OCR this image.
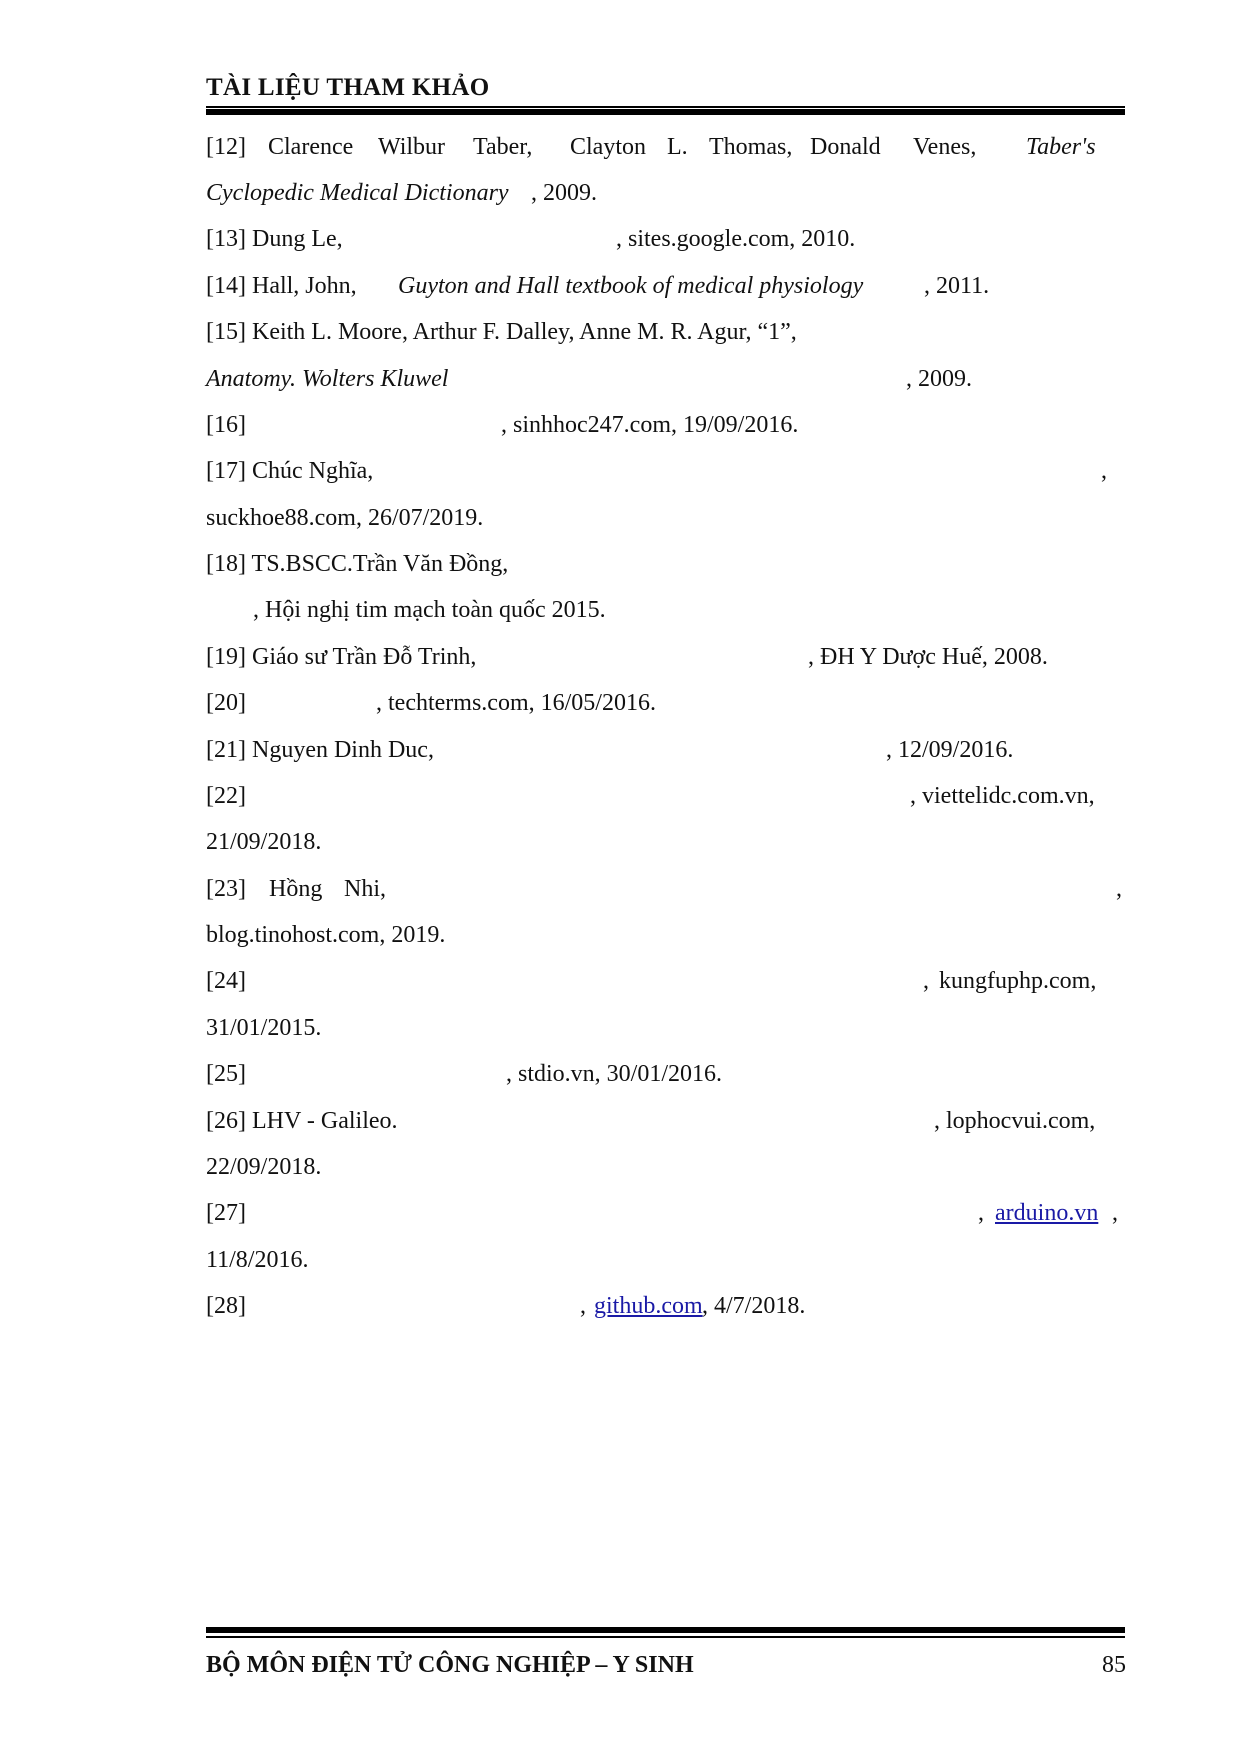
TÀI LIỆU THAM KHẢO

[12]

Clarence

Wilbur

Taber,

Clayton

L.

Thomas,

Donald

Venes,

Taber's

Cyclopedic Medical Dictionary

, 2009.

[13] Dung Le,

	, sites.google.com, 2010.

[14] Hall, John,

Guyton and Hall textbook of medical physiology

	, 2011.

[15] Keith L. Moore, Arthur F. Dalley, Anne M. R. Agur, “1”,

Anatomy. Wolters Kluwel

	, 2009.

[16]

	, sinhhoc247.com, 19/09/2016.

[17] Chúc Nghĩa,

	,

suckhoe88.com, 26/07/2019.

[18] TS.BSCC.Trần Văn Đồng,

, Hội nghị tim mạch toàn quốc 2015.

[19] Giáo sư Trần Đỗ Trinh,

	, ĐH Y Dược Huế, 2008.

[20]

	, techterms.com, 16/05/2016.

[21] Nguyen Dinh Duc,

	, 12/09/2016.

[22]

	, viettelidc.com.vn,

21/09/2018.

[23]

Hồng

Nhi,

	,

blog.tinohost.com, 2019.

[24]

	,

kungfuphp.com,

31/01/2015.

[25]

	, stdio.vn, 30/01/2016.

[26] LHV - Galileo.

	, lophocvui.com,

22/09/2018.

[27]

	,

arduino.vn

,

11/8/2016.

[28]

	,

github.com

, 4/7/2018.

BỘ MÔN ĐIỆN TỬ CÔNG NGHIỆP – Y SINH	85
